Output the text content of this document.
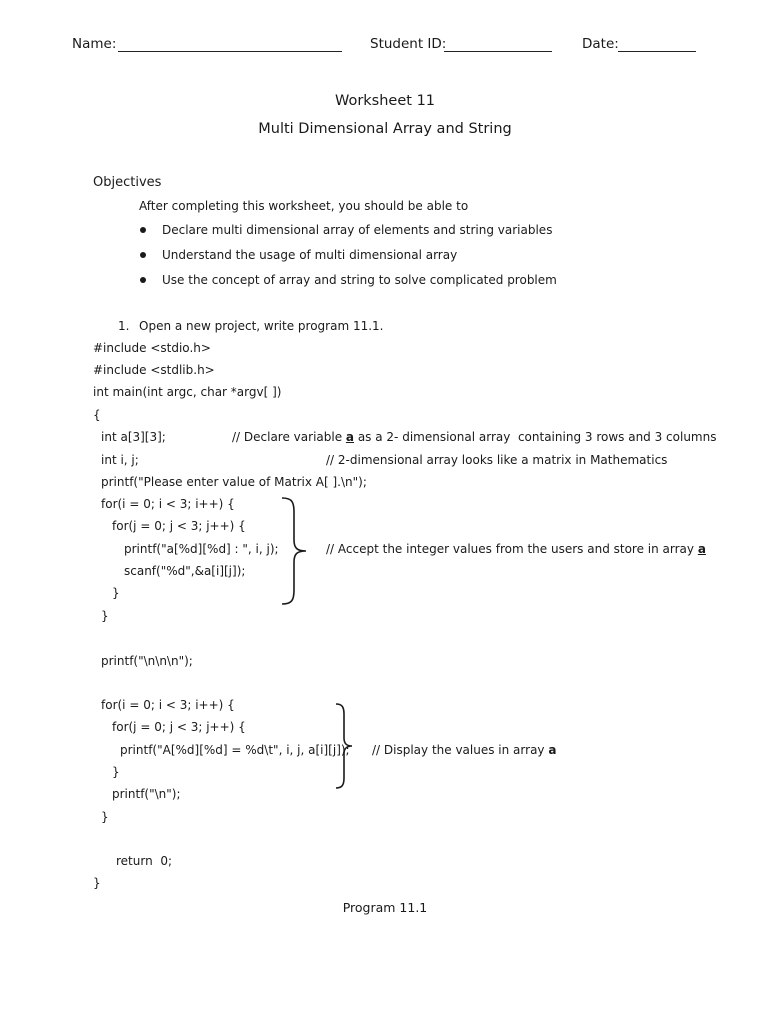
Name:	Student ID:	Date:
Worksheet 11
Multi Dimensional Array and String
Objectives
After completing this worksheet, you should be able to
Declare multi dimensional array of elements and string variables
Understand the usage of multi dimensional array
Use the concept of array and string to solve complicated problem
1. Open a new project, write program 11.1.
#include <stdio.h>
#include <stdlib.h>
int main(int argc, char *argv[ ])
{
int a[3][3];	// Declare variable a as a 2- dimensional array  containing 3 rows and 3 columns
int i, j;	// 2-dimensional array looks like a matrix in Mathematics
printf("Please enter value of Matrix A[ ].\n");
for(i = 0; i < 3; i++) {
for(j = 0; j < 3; j++) {
printf("a[%d][%d] : ", i, j);
scanf("%d",&a[i][j]);
}
}
// Accept the integer values from the users and store in array a
printf("\n\n\n");
for(i = 0; i < 3; i++) {
for(j = 0; j < 3; j++) {
printf("A[%d][%d] = %d\t", i, j, a[i][j]);
}
printf("\n");
}
// Display the values in array a
return  0;
}
Program 11.1
